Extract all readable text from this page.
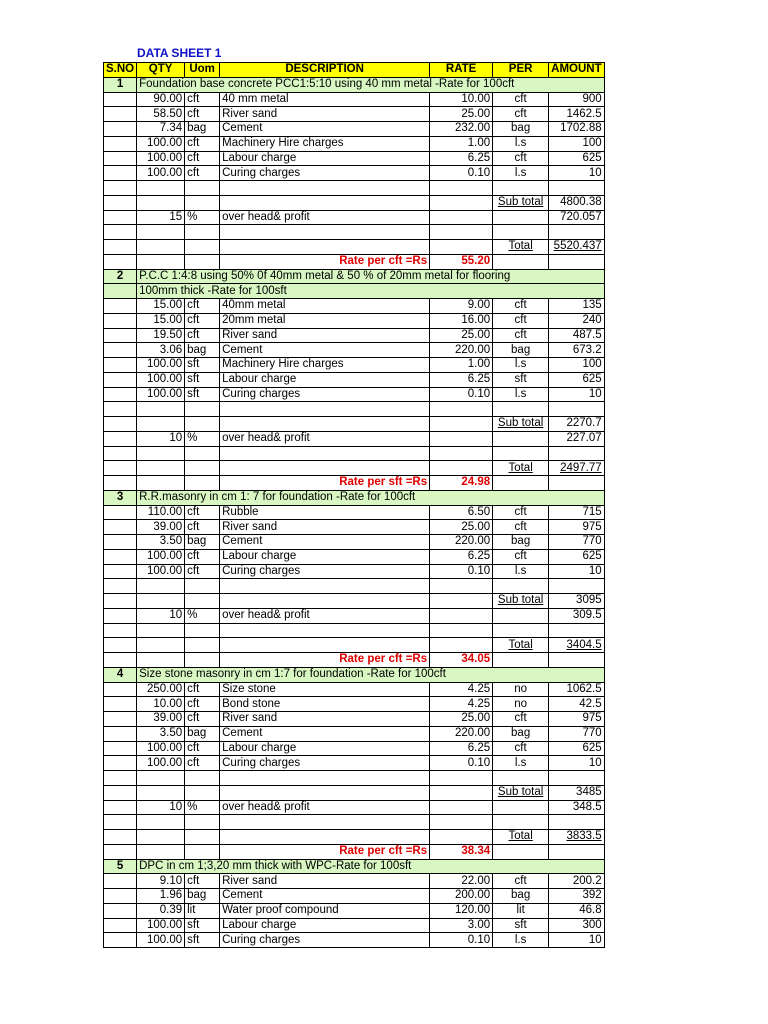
DATA SHEET 1
S.NO	QTY	Uom	DESCRIPTION	RATE	PER	AMOUNT
1	Foundation base concrete PCC1:5:10 using 40 mm metal -Rate for 100cft					
	90.00	cft	40 mm metal	10.00	cft	900
	58.50	cft	River sand	25.00	cft	1462.5
	7.34	bag	Cement	232.00	bag	1702.88
	100.00	cft	Machinery Hire charges	1.00	l.s	100
	100.00	cft	Labour charge	6.25	cft	625
	100.00	cft	Curing charges	0.10	l.s	10

					Sub total	4800.38
	15	%	over head& profit			720.057

					Total	5520.437
			Rate per cft =Rs	55.20		
2	P.C.C 1:4:8 using 50% 0f 40mm metal & 50 % of 20mm metal for flooring					
	100mm thick -Rate for 100sft					
	15.00	cft	40mm metal	9.00	cft	135
	15.00	cft	20mm metal	16.00	cft	240
	19.50	cft	River sand	25.00	cft	487.5
	3.06	bag	Cement	220.00	bag	673.2
	100.00	sft	Machinery Hire charges	1.00	l.s	100
	100.00	sft	Labour charge	6.25	sft	625
	100.00	sft	Curing charges	0.10	l.s	10

					Sub total	2270.7
	10	%	over head& profit			227.07

					Total	2497.77
			Rate per sft =Rs	24.98		
3	R.R.masonry in cm 1: 7 for foundation -Rate for 100cft					
	110.00	cft	Rubble	6.50	cft	715
	39.00	cft	River sand	25.00	cft	975
	3.50	bag	Cement	220.00	bag	770
	100.00	cft	Labour charge	6.25	cft	625
	100.00	cft	Curing charges	0.10	l.s	10

					Sub total	3095
	10	%	over head& profit			309.5

					Total	3404.5
			Rate per cft =Rs	34.05		
4	Size stone masonry in cm 1:7 for foundation -Rate for 100cft					
	250.00	cft	Size stone	4.25	no	1062.5
	10.00	cft	Bond stone	4.25	no	42.5
	39.00	cft	River sand	25.00	cft	975
	3.50	bag	Cement	220.00	bag	770
	100.00	cft	Labour charge	6.25	cft	625
	100.00	cft	Curing charges	0.10	l.s	10

					Sub total	3485
	10	%	over head& profit			348.5

					Total	3833.5
			Rate per cft =Rs	38.34		
5	DPC in cm 1;3,20 mm thick with WPC-Rate for 100sft					
	9.10	cft	River sand	22.00	cft	200.2
	1.96	bag	Cement	200.00	bag	392
	0.39	lit	Water proof compound	120.00	lit	46.8
	100.00	sft	Labour charge	3.00	sft	300
	100.00	sft	Curing charges	0.10	l.s	10
